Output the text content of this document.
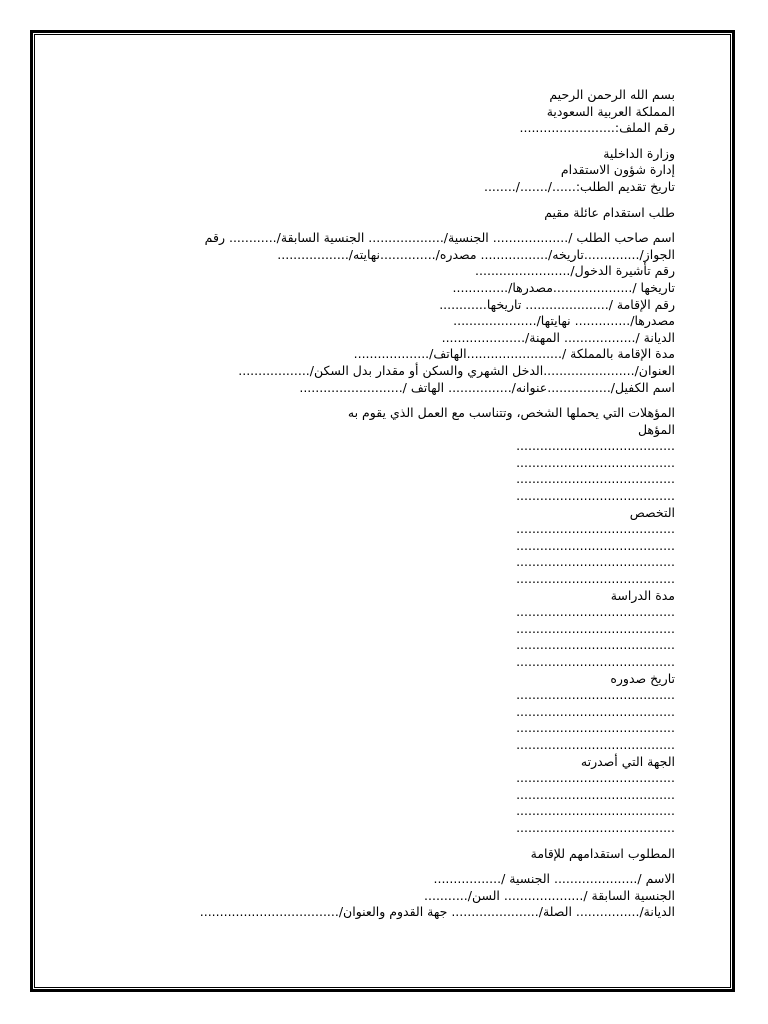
بسم الله الرحمن الرحيم
المملكة العربية السعودية
رقم الملف:........................
وزارة الداخلية
إدارة شؤون الاستقدام
تاريخ تقديم الطلب:....../......./........
طلب استقدام عائلة مقيم
اسم صاحب الطلب /................... الجنسية/................... الجنسية السابقة/............ رقم
الجواز/..............تاريخه/................. مصدره/..............نهايته/..................
رقم تأشيرة الدخول/........................
تاريخها /....................مصدرها/..............
رقم الإقامة /..................... تاريخها............
مصدرها/.............. نهايتها/.....................
الديانة /.................. المهنة/.....................
مدة الإقامة بالمملكة /........................الهاتف/...................
العنوان/.......................الدخل الشهري والسكن أو مقدار بدل السكن/..................
اسم الكفيل/................عنوانه/................ الهاتف /..........................
المؤهلات التي يحملها الشخص، وتتناسب مع العمل الذي يقوم به
المؤهل
........................................
........................................
........................................
........................................
التخصص
........................................
........................................
........................................
........................................
مدة الدراسة
........................................
........................................
........................................
........................................
تاريخ صدوره
........................................
........................................
........................................
........................................
الجهة التي أصدرته
........................................
........................................
........................................
........................................
المطلوب استقدامهم للإقامة
الاسم /..................... الجنسية /.................
الجنسية السابقة /.................... السن/...........
الديانة/................ الصلة/...................... جهة القدوم والعنوان/...................................
